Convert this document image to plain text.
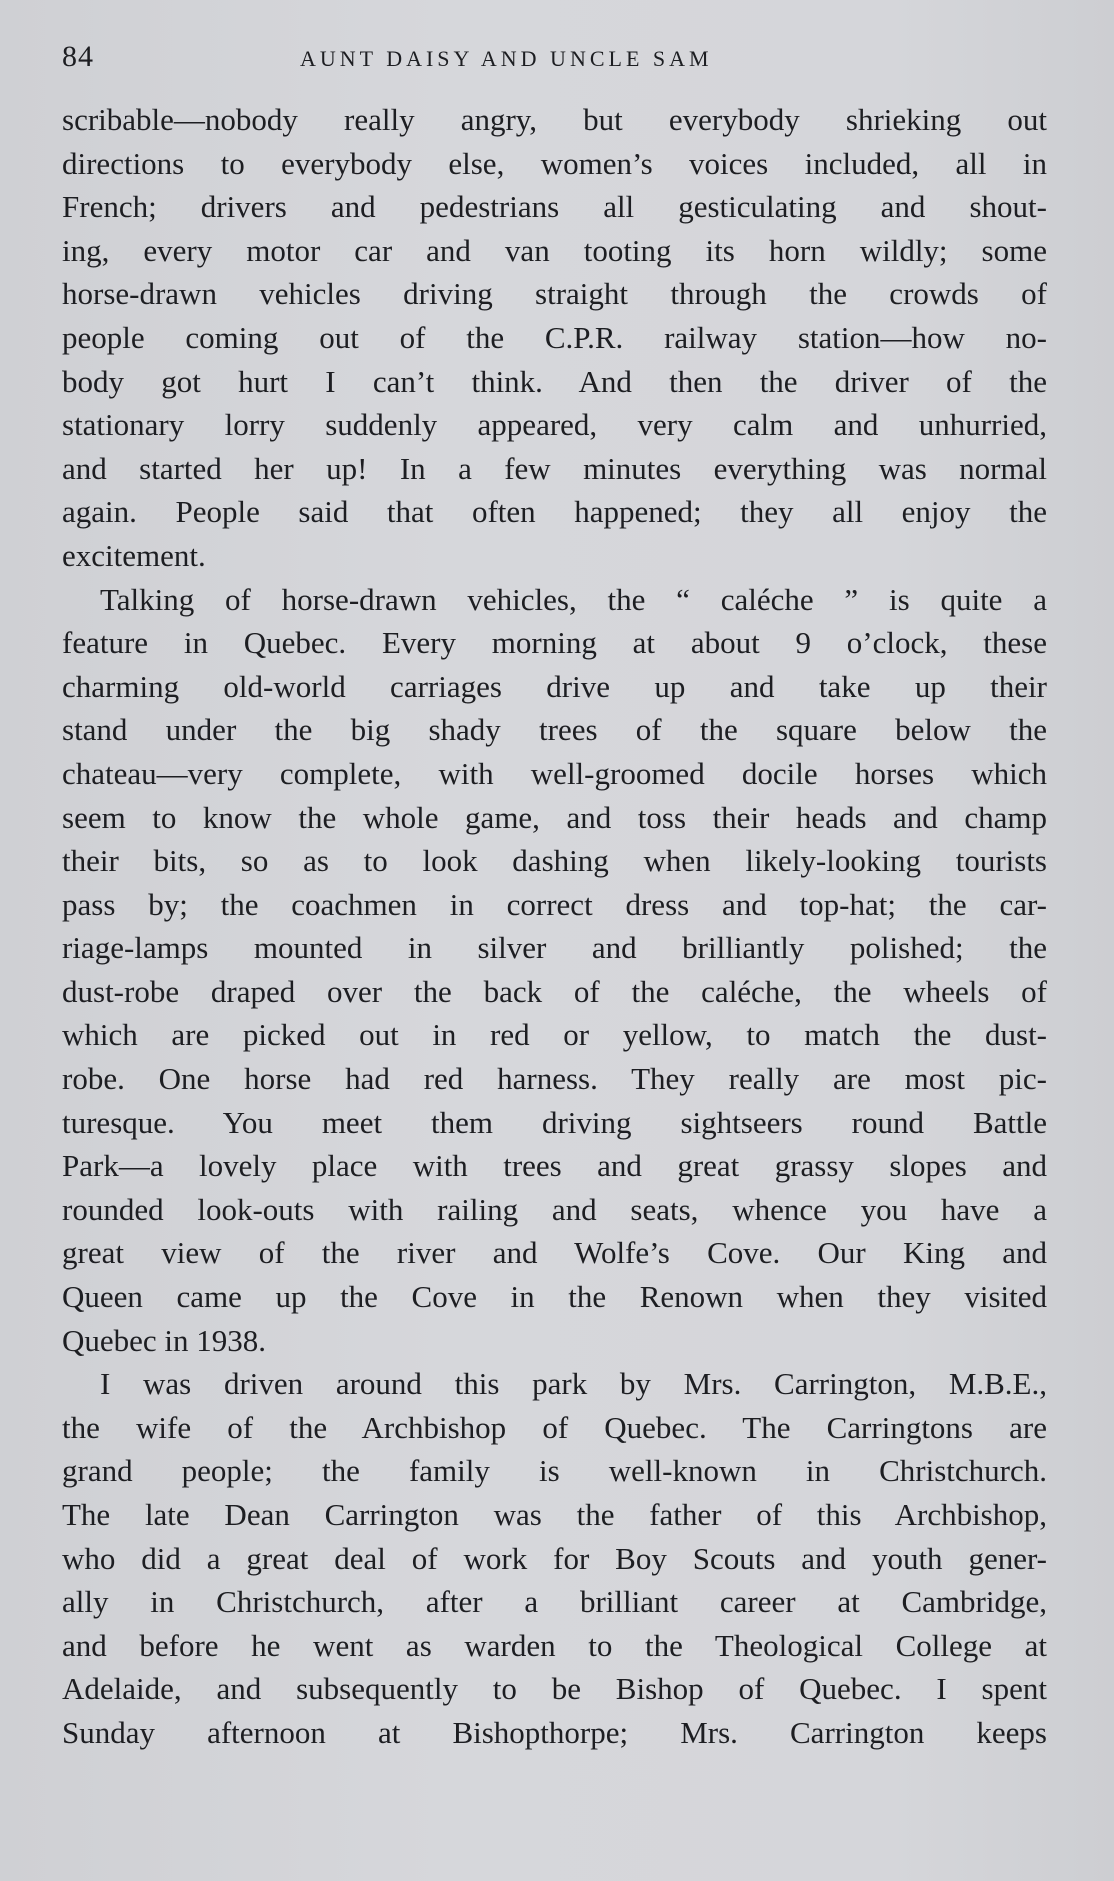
84	AUNT DAISY AND UNCLE SAM
scribable—nobody really angry, but everybody shrieking out
directions to everybody else, women’s voices included, all in
French; drivers and pedestrians all gesticulating and shout-
ing, every motor car and van tooting its horn wildly; some
horse-drawn vehicles driving straight through the crowds of
people coming out of the C.P.R. railway station—how no-
body got hurt I can’t think. And then the driver of the
stationary lorry suddenly appeared, very calm and unhurried,
and started her up! In a few minutes everything was normal
again. People said that often happened; they all enjoy the
excitement.
Talking of horse-drawn vehicles, the “ caléche ” is quite a
feature in Quebec. Every morning at about 9 o’clock, these
charming old-world carriages drive up and take up their
stand under the big shady trees of the square below the
chateau—very complete, with well-groomed docile horses which
seem to know the whole game, and toss their heads and champ
their bits, so as to look dashing when likely-looking tourists
pass by; the coachmen in correct dress and top-hat; the car-
riage-lamps mounted in silver and brilliantly polished; the
dust-robe draped over the back of the caléche, the wheels of
which are picked out in red or yellow, to match the dust-
robe. One horse had red harness. They really are most pic-
turesque. You meet them driving sightseers round Battle
Park—a lovely place with trees and great grassy slopes and
rounded look-outs with railing and seats, whence you have a
great view of the river and Wolfe’s Cove. Our King and
Queen came up the Cove in the Renown when they visited
Quebec in 1938.
I was driven around this park by Mrs. Carrington, M.B.E.,
the wife of the Archbishop of Quebec. The Carringtons are
grand people; the family is well-known in Christchurch.
The late Dean Carrington was the father of this Archbishop,
who did a great deal of work for Boy Scouts and youth gener-
ally in Christchurch, after a brilliant career at Cambridge,
and before he went as warden to the Theological College at
Adelaide, and subsequently to be Bishop of Quebec. I spent
Sunday afternoon at Bishopthorpe; Mrs. Carrington keeps
